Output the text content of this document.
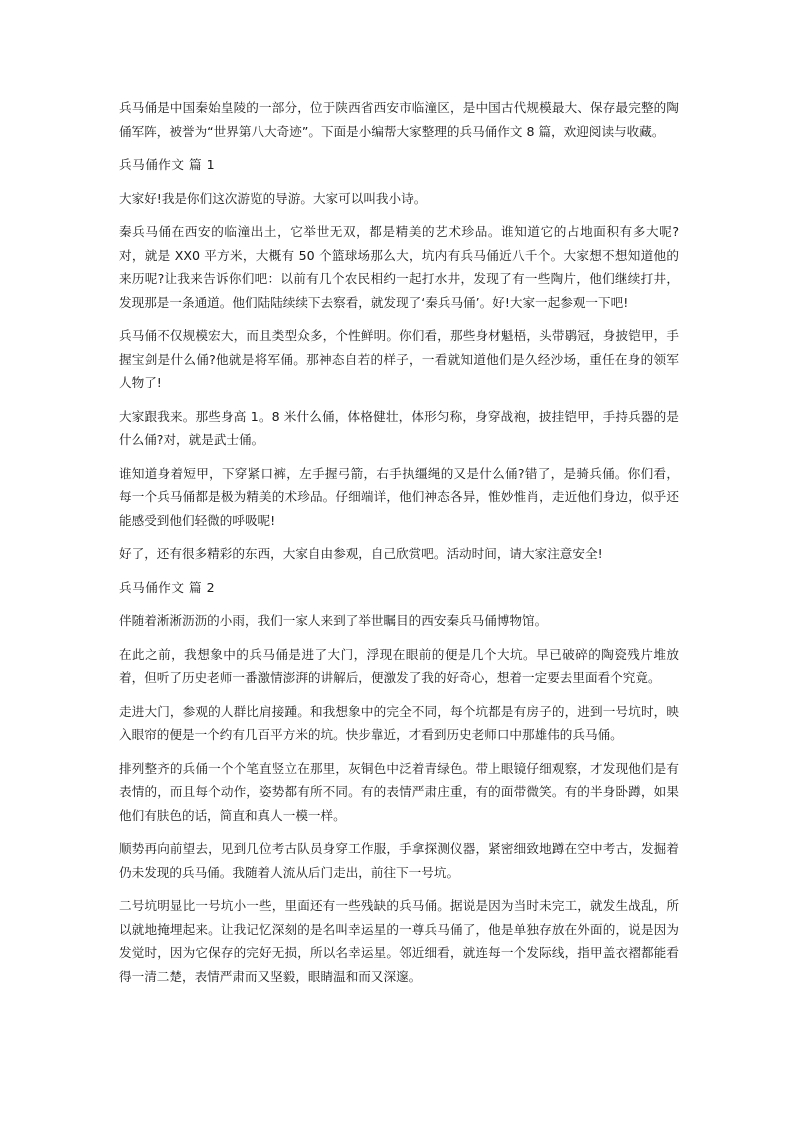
兵马俑是中国秦始皇陵的一部分，位于陕西省西安市临潼区，是中国古代规模最大、保存最完整的陶俑军阵，被誉为“世界第八大奇迹”。下面是小编帮大家整理的兵马俑作文 8 篇，欢迎阅读与收藏。

兵马俑作文 篇 1

大家好!我是你们这次游览的导游。大家可以叫我小诗。

秦兵马俑在西安的临潼出土，它举世无双，都是精美的艺术珍品。谁知道它的占地面积有多大呢?对，就是 XX0 平方米，大概有 50 个篮球场那么大，坑内有兵马俑近八千个。大家想不想知道他的来历呢?让我来告诉你们吧：以前有几个农民相约一起打水井，发现了有一些陶片，他们继续打井，发现那是一条通道。他们陆陆续续下去察看，就发现了‘秦兵马俑’。好!大家一起参观一下吧!

兵马俑不仅规模宏大，而且类型众多，个性鲜明。你们看，那些身材魁梧，头带鹖冠，身披铠甲，手握宝剑是什么俑?他就是将军俑。那神态自若的样子，一看就知道他们是久经沙场，重任在身的领军人物了!

大家跟我来。那些身高 1。8 米什么俑，体格健壮，体形匀称，身穿战袍，披挂铠甲，手持兵器的是什么俑?对，就是武士俑。

谁知道身着短甲，下穿紧口裤，左手握弓箭，右手执缰绳的又是什么俑?错了，是骑兵俑。你们看，每一个兵马俑都是极为精美的术珍品。仔细端详，他们神态各异，惟妙惟肖，走近他们身边，似乎还能感受到他们轻微的呼吸呢!

好了，还有很多精彩的东西，大家自由参观，自己欣赏吧。活动时间，请大家注意安全!

兵马俑作文 篇 2

伴随着淅淅沥沥的小雨，我们一家人来到了举世瞩目的西安秦兵马俑博物馆。

在此之前，我想象中的兵马俑是进了大门，浮现在眼前的便是几个大坑。早已破碎的陶瓷残片堆放着，但听了历史老师一番激情澎湃的讲解后，便激发了我的好奇心，想着一定要去里面看个究竟。

走进大门，参观的人群比肩接踵。和我想象中的完全不同，每个坑都是有房子的，进到一号坑时，映入眼帘的便是一个约有几百平方米的坑。快步靠近，才看到历史老师口中那雄伟的兵马俑。

排列整齐的兵俑一个个笔直竖立在那里，灰铜色中泛着青绿色。带上眼镜仔细观察，才发现他们是有表情的，而且每个动作，姿势都有所不同。有的表情严肃庄重，有的面带微笑。有的半身卧蹲，如果他们有肤色的话，简直和真人一模一样。

顺势再向前望去，见到几位考古队员身穿工作服，手拿探测仪器，紧密细致地蹲在空中考古，发掘着仍未发现的兵马俑。我随着人流从后门走出，前往下一号坑。

二号坑明显比一号坑小一些，里面还有一些残缺的兵马俑。据说是因为当时未完工，就发生战乱，所以就地掩埋起来。让我记忆深刻的是名叫幸运星的一尊兵马俑了，他是单独存放在外面的，说是因为发觉时，因为它保存的完好无损，所以名幸运星。邻近细看，就连每一个发际线，指甲盖衣褶都能看得一清二楚，表情严肃而又坚毅，眼睛温和而又深邃。
